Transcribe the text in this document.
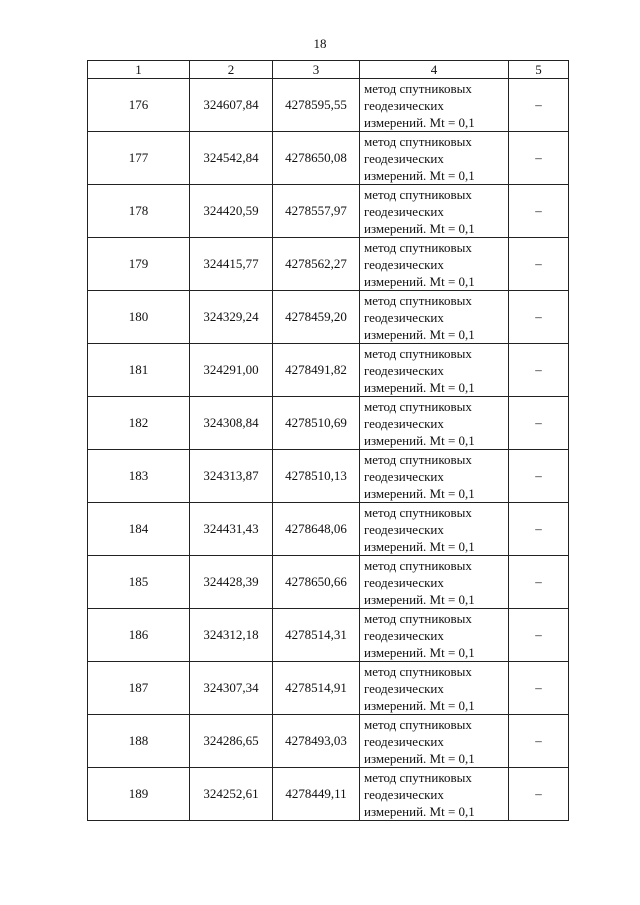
18
1	2	3	4	5
176	324607,84	4278595,55	метод спутниковых
геодезических
измерений. Mt = 0,1	–
177	324542,84	4278650,08	метод спутниковых
геодезических
измерений. Mt = 0,1	–
178	324420,59	4278557,97	метод спутниковых
геодезических
измерений. Mt = 0,1	–
179	324415,77	4278562,27	метод спутниковых
геодезических
измерений. Mt = 0,1	–
180	324329,24	4278459,20	метод спутниковых
геодезических
измерений. Mt = 0,1	–
181	324291,00	4278491,82	метод спутниковых
геодезических
измерений. Mt = 0,1	–
182	324308,84	4278510,69	метод спутниковых
геодезических
измерений. Mt = 0,1	–
183	324313,87	4278510,13	метод спутниковых
геодезических
измерений. Mt = 0,1	–
184	324431,43	4278648,06	метод спутниковых
геодезических
измерений. Mt = 0,1	–
185	324428,39	4278650,66	метод спутниковых
геодезических
измерений. Mt = 0,1	–
186	324312,18	4278514,31	метод спутниковых
геодезических
измерений. Mt = 0,1	–
187	324307,34	4278514,91	метод спутниковых
геодезических
измерений. Mt = 0,1	–
188	324286,65	4278493,03	метод спутниковых
геодезических
измерений. Mt = 0,1	–
189	324252,61	4278449,11	метод спутниковых
геодезических
измерений. Mt = 0,1	–
